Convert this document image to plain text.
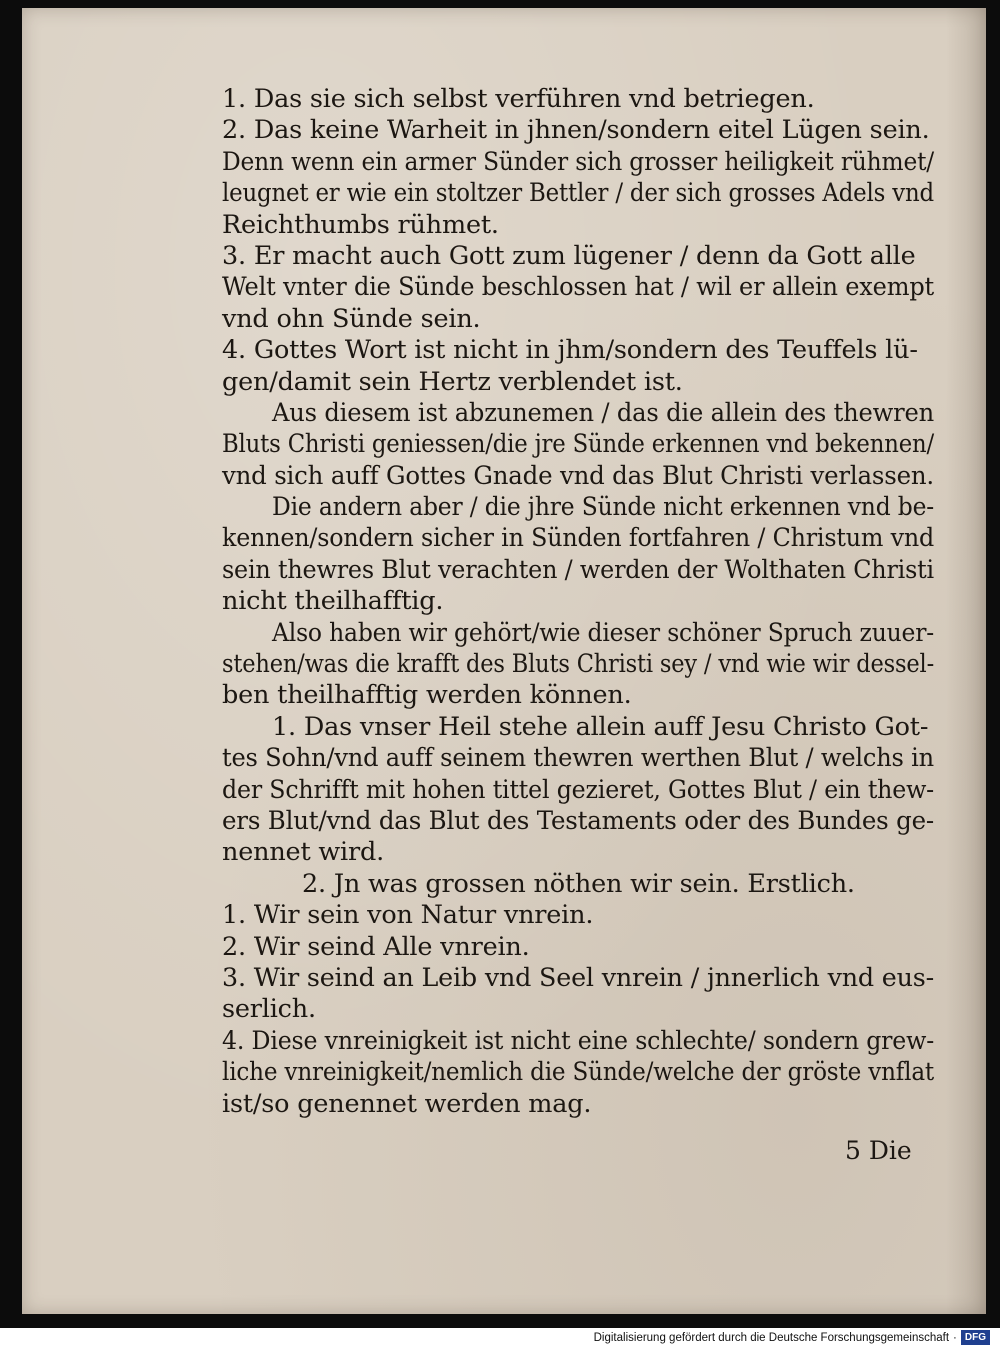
1. Das sie sich selbst verführen vnd betriegen.
2. Das keine Warheit in jhnen/sondern eitel Lügen sein.
Denn wenn ein armer Sünder sich grosser heiligkeit rühmet/
leugnet er wie ein stoltzer Bettler / der sich grosses Adels vnd
Reichthumbs rühmet.
3. Er macht auch Gott zum lügener / denn da Gott alle
Welt vnter die Sünde beschlossen hat / wil er allein exempt
vnd ohn Sünde sein.
4. Gottes Wort ist nicht in jhm/sondern des Teuffels lü-
gen/damit sein Hertz verblendet ist.
Aus diesem ist abzunemen / das die allein des thewren
Bluts Christi geniessen/die jre Sünde erkennen vnd bekennen/
vnd sich auff Gottes Gnade vnd das Blut Christi verlassen.
Die andern aber / die jhre Sünde nicht erkennen vnd be-
kennen/sondern sicher in Sünden fortfahren / Christum vnd
sein thewres Blut verachten / werden der Wolthaten Christi
nicht theilhafftig.
Also haben wir gehört/wie dieser schöner Spruch zuuer-
stehen/was die krafft des Bluts Christi sey / vnd wie wir dessel-
ben theilhafftig werden können.
1. Das vnser Heil stehe allein auff Jesu Christo Got-
tes Sohn/vnd auff seinem thewren werthen Blut / welchs in
der Schrifft mit hohen tittel gezieret, Gottes Blut / ein thew-
ers Blut/vnd das Blut des Testaments oder des Bundes ge-
nennet wird.
2. Jn was grossen nöthen wir sein. Erstlich.
1. Wir sein von Natur vnrein.
2. Wir seind Alle vnrein.
3. Wir seind an Leib vnd Seel vnrein / jnnerlich vnd eus-
serlich.
4. Diese vnreinigkeit ist nicht eine schlechte/ sondern grew-
liche vnreinigkeit/nemlich die Sünde/welche der gröste vnflat
ist/so genennet werden mag.
5 Die
Digitalisierung gefördert durch die Deutsche Forschungsgemeinschaft · DFG
